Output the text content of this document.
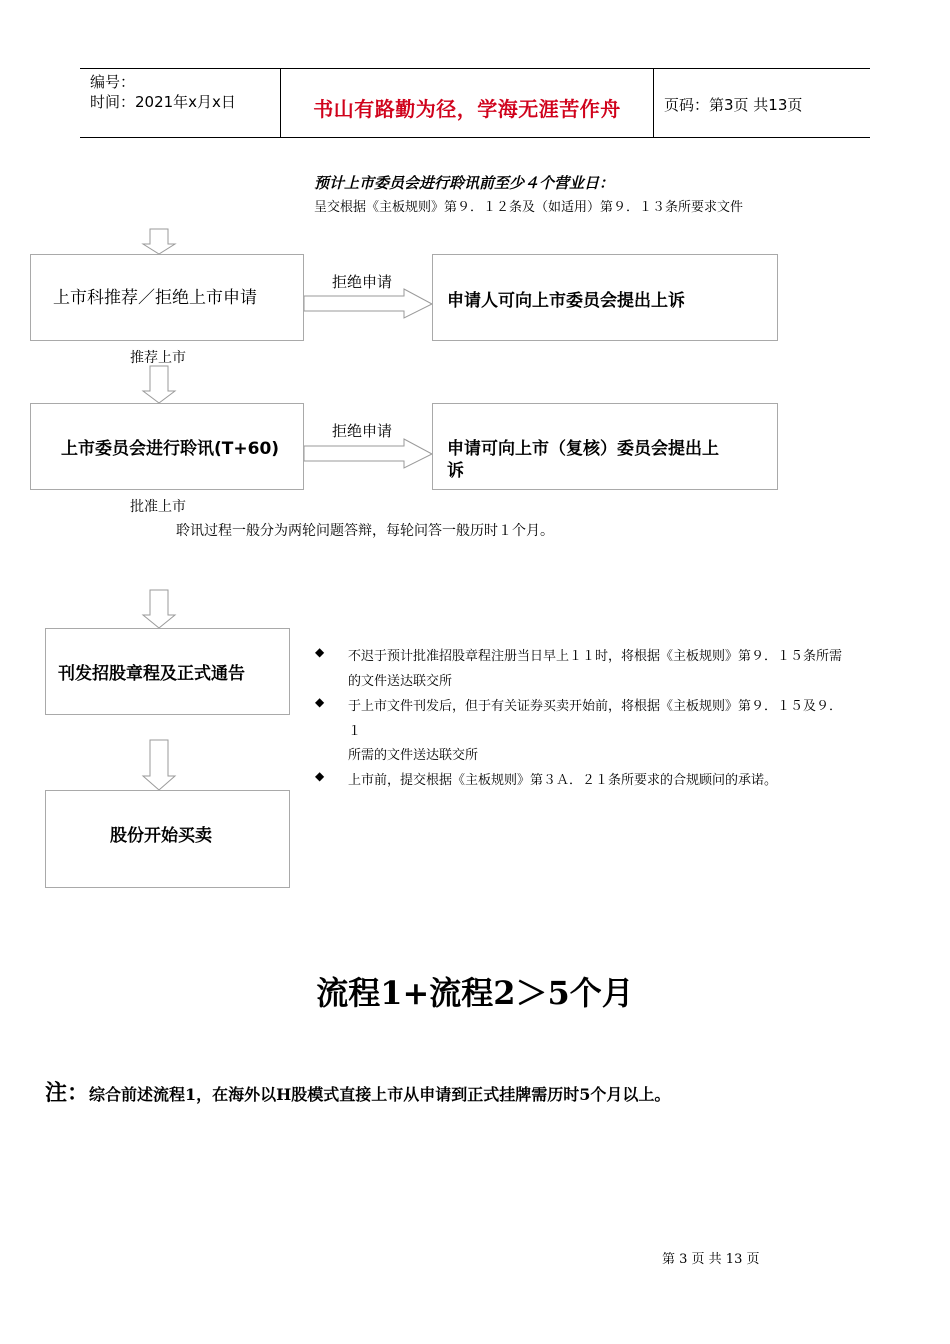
编号：
时间：2021年x月x日	书山有路勤为径，学海无涯苦作舟	页码：第3页 共13页
预计上市委员会进行聆讯前至少４个营业日：
呈交根据《主板规则》第９．１２条及（如适用）第９．１３条所要求文件
上市科推荐／拒绝上市申请
拒绝申请
申请人可向上市委员会提出上诉
推荐上市
上市委员会进行聆讯(T+60)
拒绝申请
申请可向上市（复核）委员会提出上
诉
批准上市
聆讯过程一般分为两轮问题答辩，每轮问答一般历时１个月。
刊发招股章程及正式通告
股份开始买卖
◆ 不迟于预计批准招股章程注册当日早上１１时，将根据《主板规则》第９．１５条所需
的文件送达联交所
◆ 于上市文件刊发后，但于有关证券买卖开始前，将根据《主板规则》第９．１５及９．
１
所需的文件送达联交所
◆ 上市前，提交根据《主板规则》第３Ａ．２１条所要求的合规顾问的承诺。
流程1+流程2＞5个月
注：综合前述流程1，在海外以H股模式直接上市从申请到正式挂牌需历时5个月以上。
第 3 页 共 13 页
